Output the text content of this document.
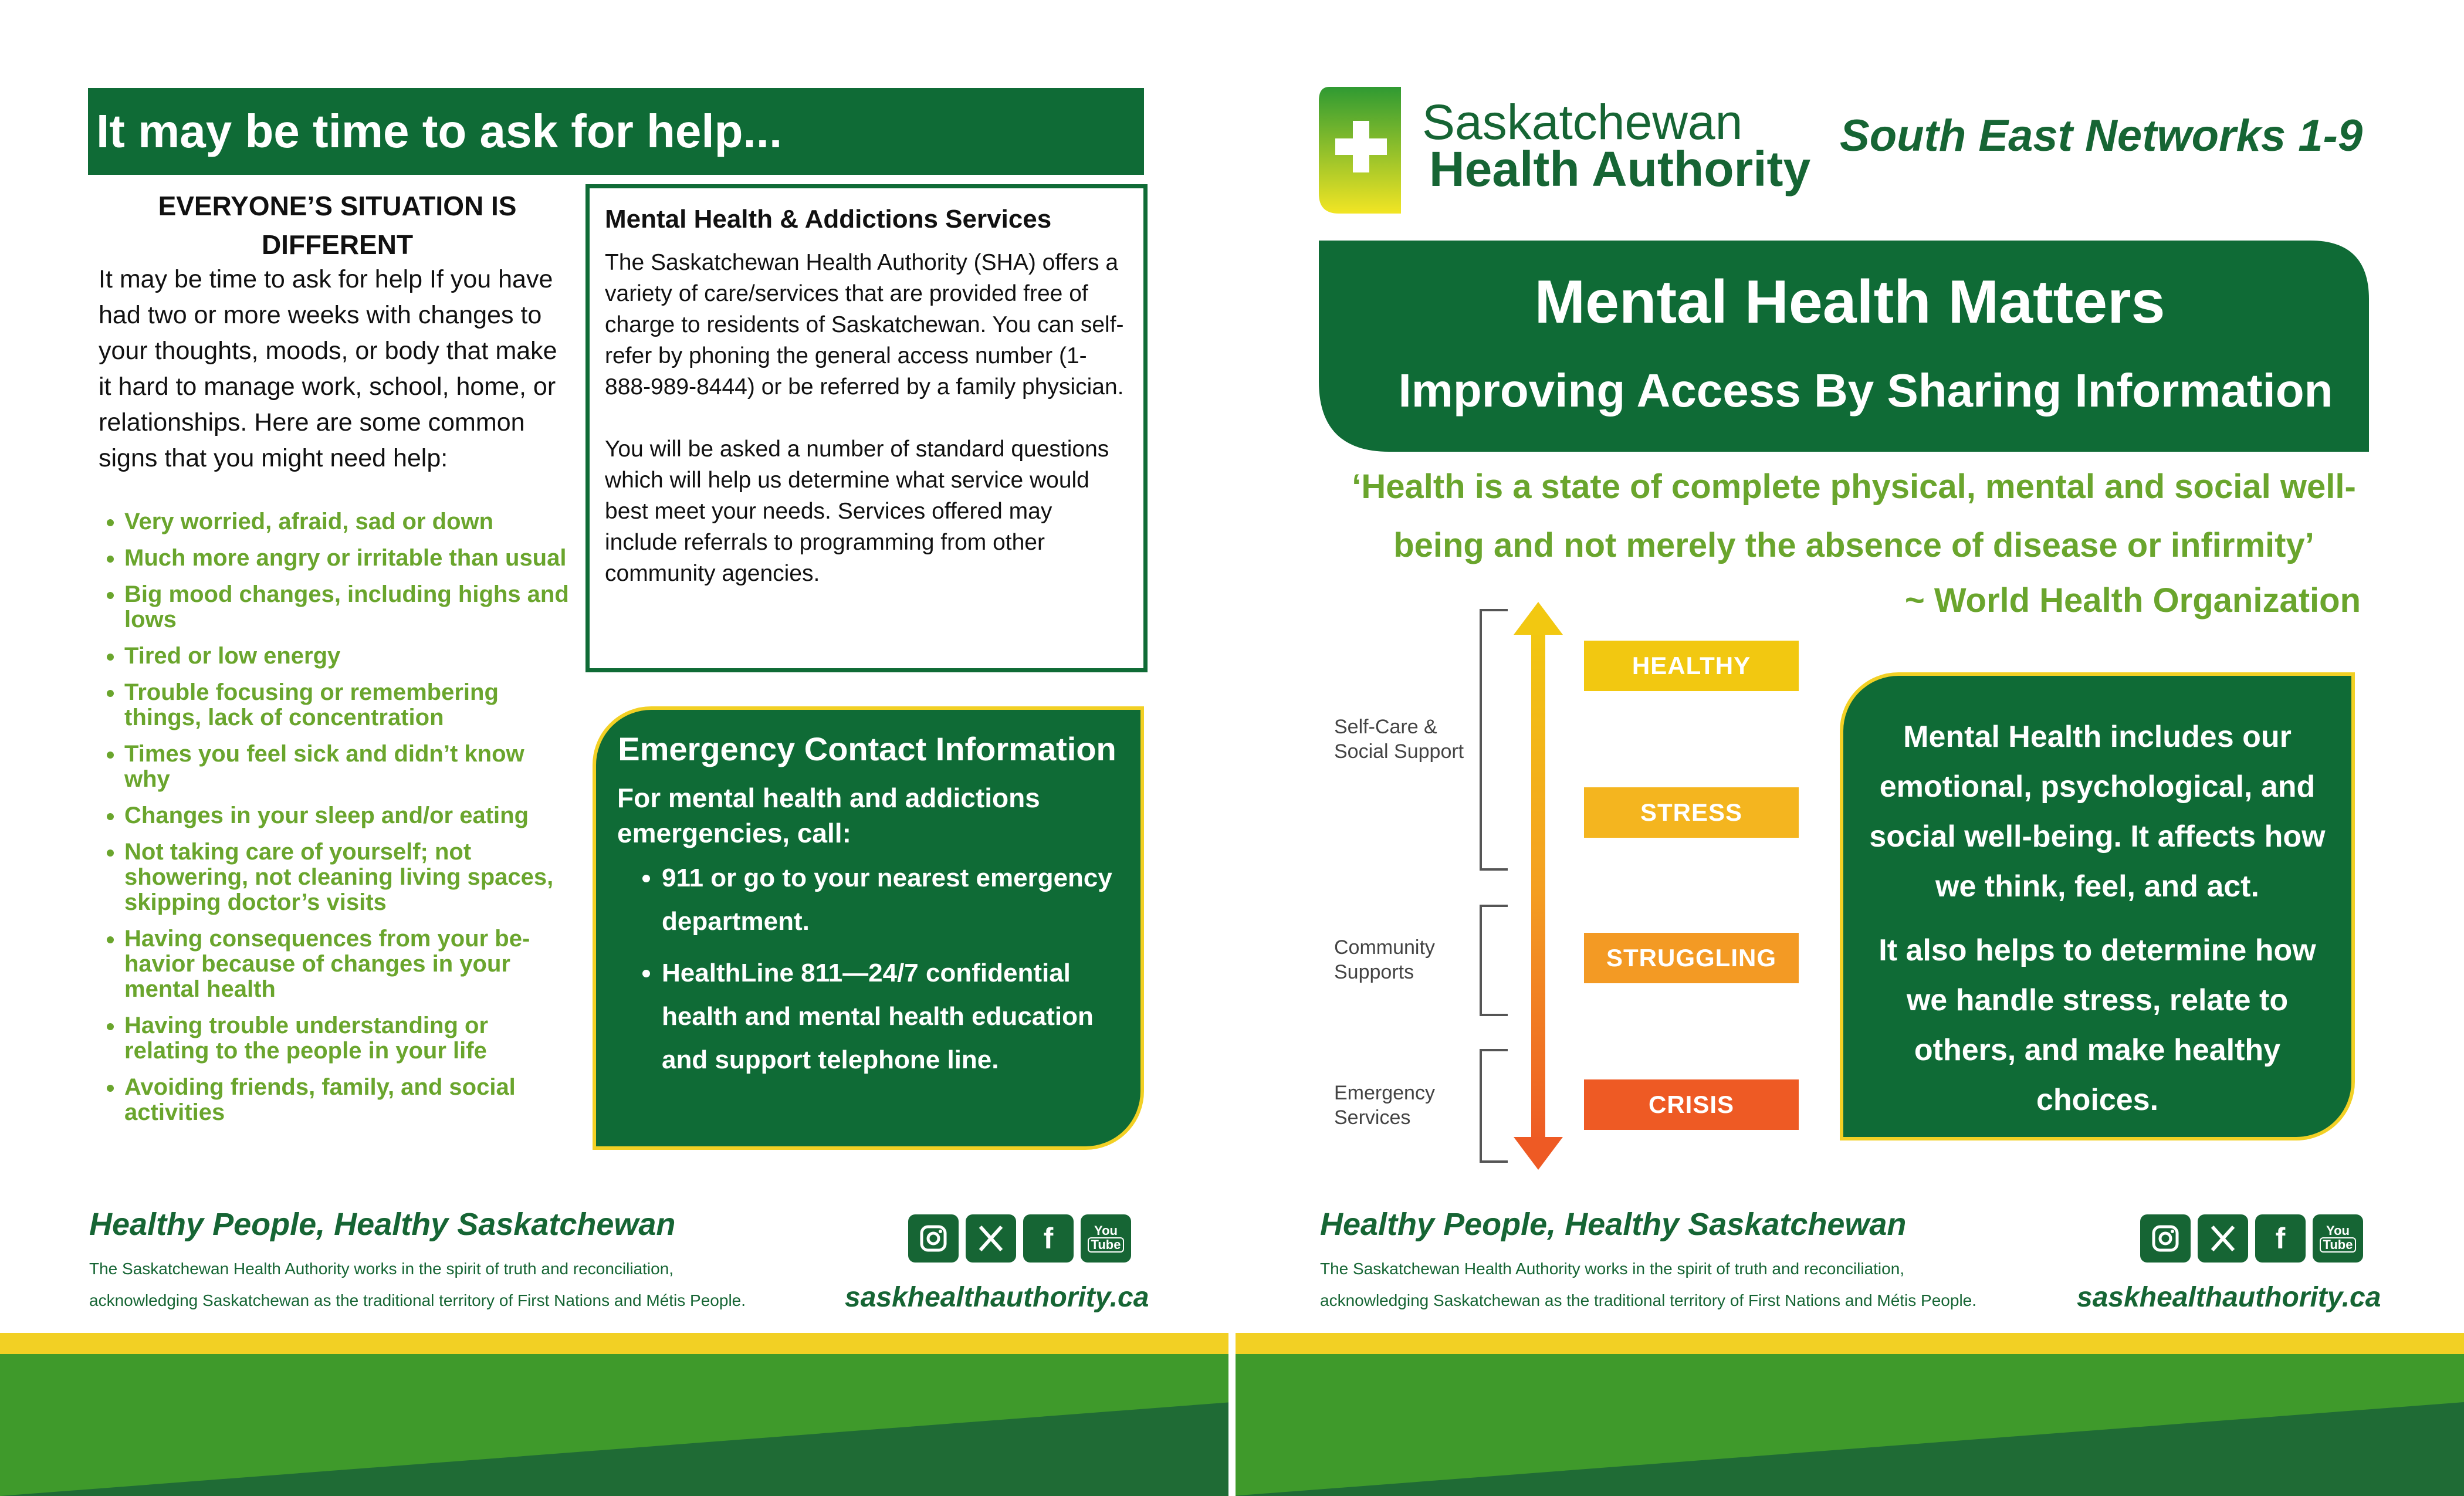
It may be time to ask for help...
EVERYONE’S SITUATION IS DIFFERENT
It may be time to ask for help If you have had two or more weeks with changes to your thoughts, moods, or body that make it hard to manage work, school, home, or relationships. Here are some common signs that you might need help:
• Very worried, afraid, sad or down
• Much more angry or irritable than usual
• Big mood changes, including highs and lows
• Tired or low energy
• Trouble focusing or remembering things, lack of concentration
• Times you feel sick and didn’t know why
• Changes in your sleep and/or eating
• Not taking care of yourself; not showering, not cleaning living spaces, skipping doctor’s visits
• Having consequences from your be-havior because of changes in your mental health
• Having trouble understanding or relating to the people in your life
• Avoiding friends, family, and social activities
Mental Health & Addictions Services

The Saskatchewan Health Authority (SHA) offers a variety of care/services that are provided free of charge to residents of Saskatchewan. You can self-refer by phoning the general access number (1-888-989-8444) or be referred by a family physician.

You will be asked a number of standard questions which will help us determine what service would best meet your needs. Services offered may include referrals to programming from other community agencies.

Emergency Contact Information
For mental health and addictions emergencies, call:
• 911 or go to your nearest emergency department.
• HealthLine 811—24/7 confidential health and mental health education and support telephone line.
Healthy People, Healthy Saskatchewan
The Saskatchewan Health Authority works in the spirit of truth and reconciliation,
acknowledging Saskatchewan as the traditional territory of First Nations and Métis People.
f	You
Tube
saskhealthauthority.ca
Saskatchewan
Health Authority
South East Networks 1-9
Mental Health Matters
Improving Access By Sharing Information
‘Health is a state of complete physical, mental and social well-being and not merely the absence of disease or infirmity’
~ World Health Organization
Self-Care &
Social Support
Community
Supports
Emergency
Services
HEALTHY
STRESS
STRUGGLING
CRISIS

Mental Health includes our emotional, psychological, and social well-being. It affects how we think, feel, and act.

It also helps to determine how we handle stress, relate to others, and make healthy choices.

Healthy People, Healthy Saskatchewan
The Saskatchewan Health Authority works in the spirit of truth and reconciliation,
acknowledging Saskatchewan as the traditional territory of First Nations and Métis People.
f	You
Tube
saskhealthauthority.ca
